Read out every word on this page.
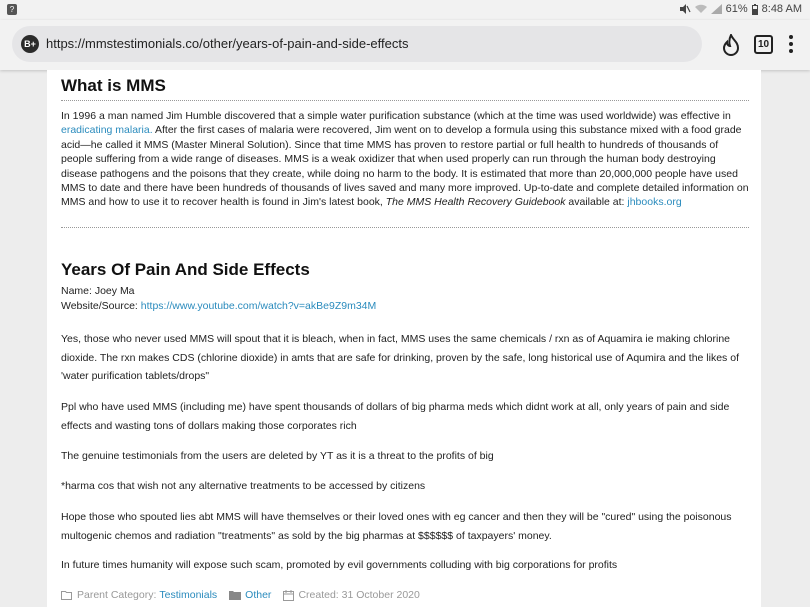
?	61% 8:48 AM
B+ https://mmstestimonials.co/other/years-of-pain-and-side-effects	10
What is MMS
In 1996 a man named Jim Humble discovered that a simple water purification substance (which at the time was used worldwide) was effective in eradicating malaria. After the first cases of malaria were recovered, Jim went on to develop a formula using this substance mixed with a food grade acid—he called it MMS (Master Mineral Solution). Since that time MMS has proven to restore partial or full health to hundreds of thousands of people suffering from a wide range of diseases. MMS is a weak oxidizer that when used properly can run through the human body destroying disease pathogens and the poisons that they create, while doing no harm to the body. It is estimated that more than 20,000,000 people have used MMS to date and there have been hundreds of thousands of lives saved and many more improved. Up-to-date and complete detailed information on MMS and how to use it to recover health is found in Jim's latest book, The MMS Health Recovery Guidebook available at: jhbooks.org
Years Of Pain And Side Effects
Name: Joey Ma
Website/Source: https://www.youtube.com/watch?v=akBe9Z9m34M
Yes, those who never used MMS will spout that it is bleach, when in fact, MMS uses the same chemicals / rxn as of Aquamira ie making chlorine dioxide. The rxn makes CDS (chlorine dioxide) in amts that are safe for drinking, proven by the safe, long historical use of Aqumira and the likes of 'water purification tablets/drops"
Ppl who have used MMS (including me) have spent thousands of dollars of big pharma meds which didnt work at all, only years of pain and side effects and wasting tons of dollars making those corporates rich
The genuine testimonials from the users are deleted by YT as it is a threat to the profits of big
*harma cos that wish not any alternative treatments to be accessed by citizens
Hope those who spouted lies abt MMS will have themselves or their loved ones with eg cancer and then they will be "cured" using the poisonous multogenic chemos and radiation "treatments" as sold by the big pharmas at $$$$$$ of taxpayers' money.
In future times humanity will expose such scam, promoted by evil governments colluding with big corporations for profits
Parent Category: Testimonials	Other	Created: 31 October 2020
